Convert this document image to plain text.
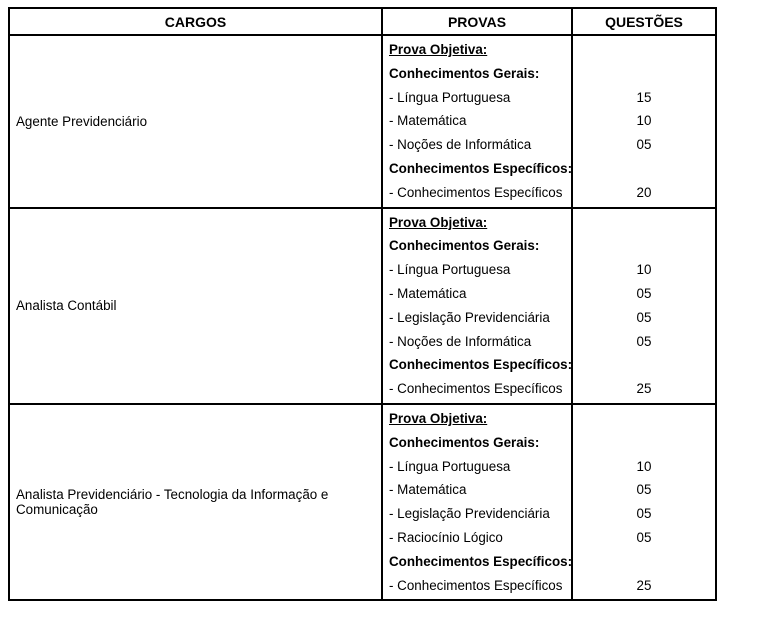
CARGOS	PROVAS	QUESTÕES
Agente Previdenciário
Prova Objetiva:
Conhecimentos Gerais:
- Língua Portuguesa
- Matemática
- Noções de Informática
Conhecimentos Específicos:
- Conhecimentos Específicos
15
10
05
20
Analista Contábil
Prova Objetiva:
Conhecimentos Gerais:
- Língua Portuguesa
- Matemática
- Legislação Previdenciária
- Noções de Informática
Conhecimentos Específicos:
- Conhecimentos Específicos
10
05
05
05
25
Analista Previdenciário - Tecnologia da Informação e Comunicação
Prova Objetiva:
Conhecimentos Gerais:
- Língua Portuguesa
- Matemática
- Legislação Previdenciária
- Raciocínio Lógico
Conhecimentos Específicos:
- Conhecimentos Específicos
10
05
05
05
25
